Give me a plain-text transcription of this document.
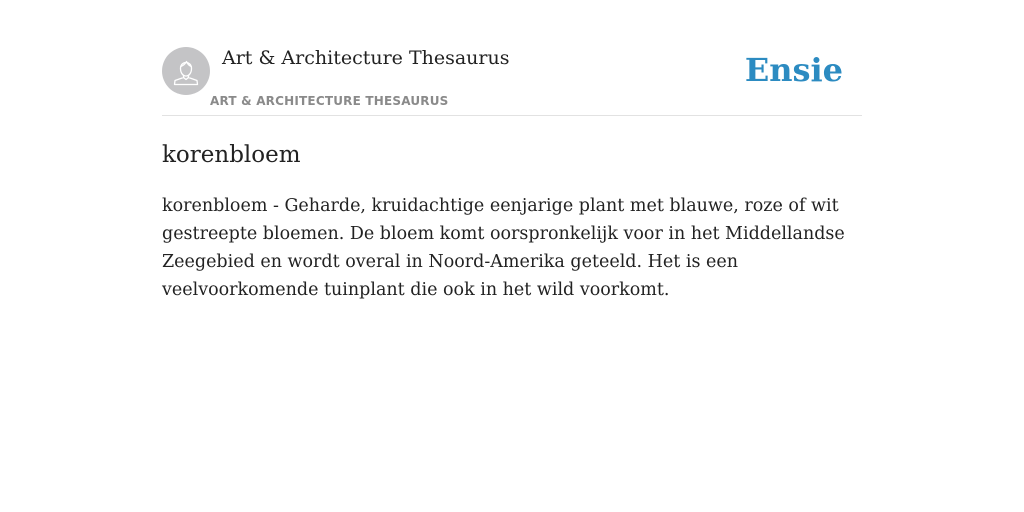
Art & Architecture Thesaurus
ART & ARCHITECTURE THESAURUS
Ensie
korenbloem

korenbloem - Geharde, kruidachtige eenjarige plant met blauwe, roze of wit gestreepte bloemen. De bloem komt oorspronkelijk voor in het Middellandse Zeegebied en wordt overal in Noord-Amerika geteeld. Het is een veelvoorkomende tuinplant die ook in het wild voorkomt.
